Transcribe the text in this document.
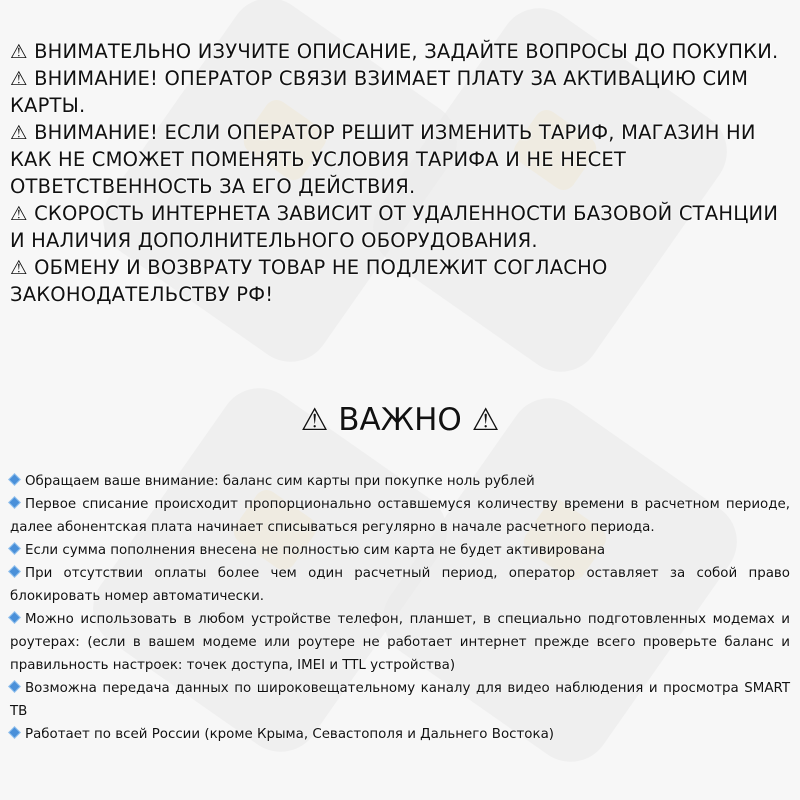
⚠ ВНИМАТЕЛЬНО ИЗУЧИТЕ ОПИСАНИЕ, ЗАДАЙТЕ ВОПРОСЫ ДО ПОКУПКИ.

⚠ ВНИМАНИЕ! ОПЕРАТОР СВЯЗИ ВЗИМАЕТ ПЛАТУ ЗА АКТИВАЦИЮ СИМ КАРТЫ.

⚠ ВНИМАНИЕ! ЕСЛИ ОПЕРАТОР РЕШИТ ИЗМЕНИТЬ ТАРИФ, МАГАЗИН НИ КАК НЕ СМОЖЕТ ПОМЕНЯТЬ УСЛОВИЯ ТАРИФА И НЕ НЕСЕТ ОТВЕТСТВЕННОСТЬ ЗА ЕГО ДЕЙСТВИЯ.

⚠ СКОРОСТЬ ИНТЕРНЕТА ЗАВИСИТ ОТ УДАЛЕННОСТИ БАЗОВОЙ СТАНЦИИ И НАЛИЧИЯ ДОПОЛНИТЕЛЬНОГО ОБОРУДОВАНИЯ.

⚠ ОБМЕНУ И ВОЗВРАТУ ТОВАР НЕ ПОДЛЕЖИТ СОГЛАСНО ЗАКОНОДАТЕЛЬСТВУ РФ!

⚠ ВАЖНО ⚠

Обращаем ваше внимание: баланс сим карты при покупке ноль рублей

Первое списание происходит пропорционально оставшемуся количеству времени в расчетном периоде, далее абонентская плата начинает списываться регулярно в начале расчетного периода.

Если сумма пополнения внесена не полностью сим карта не будет активирована

При отсутствии оплаты более чем один расчетный период, оператор оставляет за собой право блокировать номер автоматически.

Можно использовать в любом устройстве телефон, планшет, в специально подготовленных модемах и роутерах: (если в вашем модеме или роутере не работает интернет прежде всего проверьте баланс и правильность настроек: точек доступа, IMEI и TTL устройства)

Возможна передача данных по широковещательному каналу для видео наблюдения и просмотра SMART TB

Работает по всей России (кроме Крыма, Севастополя и Дальнего Востока)
